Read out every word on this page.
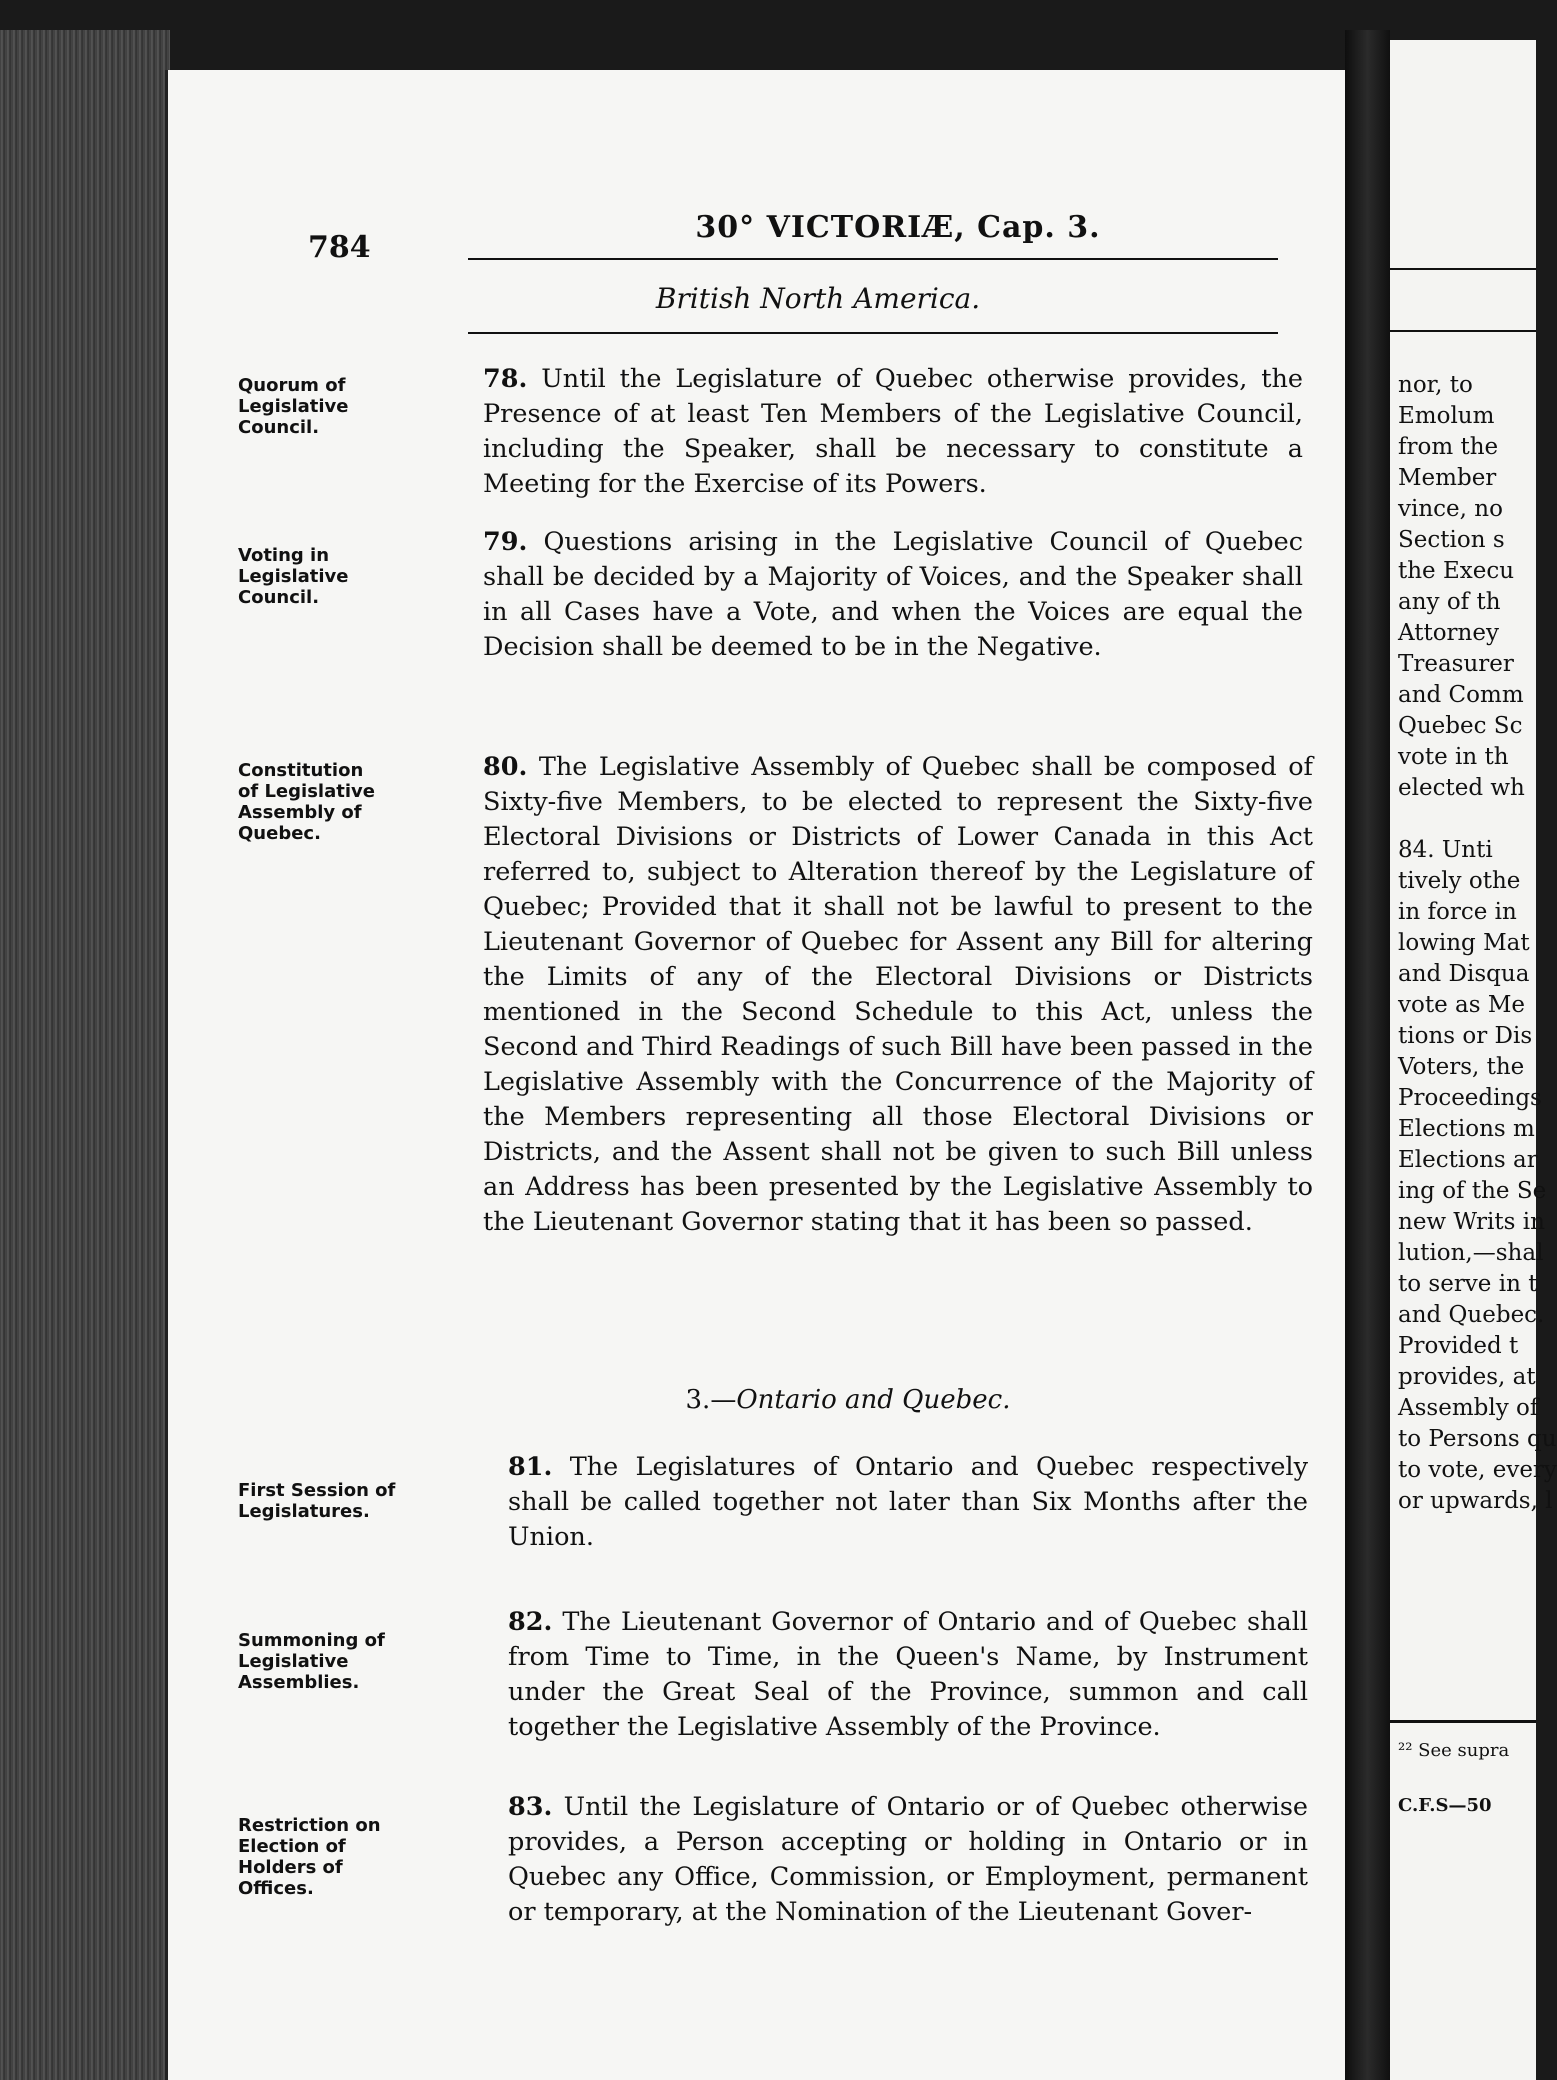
784
30° VICTORIÆ, Cap. 3.
British North America.
Quorum of Legislative Council.
78. Until the Legislature of Quebec otherwise provides, the Presence of at least Ten Members of the Legislative Council, including the Speaker, shall be necessary to constitute a Meeting for the Exercise of its Powers.
Voting in Legislative Council.
79. Questions arising in the Legislative Council of Quebec shall be decided by a Majority of Voices, and the Speaker shall in all Cases have a Vote, and when the Voices are equal the Decision shall be deemed to be in the Negative.
Constitution of Legislative Assembly of Quebec.
80. The Legislative Assembly of Quebec shall be composed of Sixty-five Members, to be elected to represent the Sixty-five Electoral Divisions or Districts of Lower Canada in this Act referred to, subject to Alteration thereof by the Legislature of Quebec; Provided that it shall not be lawful to present to the Lieutenant Governor of Quebec for Assent any Bill for altering the Limits of any of the Electoral Divisions or Districts mentioned in the Second Schedule to this Act, unless the Second and Third Readings of such Bill have been passed in the Legislative Assembly with the Concurrence of the Majority of the Members representing all those Electoral Divisions or Districts, and the Assent shall not be given to such Bill unless an Address has been presented by the Legislative Assembly to the Lieutenant Governor stating that it has been so passed.
3.—Ontario and Quebec.
First Session of Legislatures.
81. The Legislatures of Ontario and Quebec respectively shall be called together not later than Six Months after the Union.
Summoning of Legislative Assemblies.
82. The Lieutenant Governor of Ontario and of Quebec shall from Time to Time, in the Queen's Name, by Instrument under the Great Seal of the Province, summon and call together the Legislative Assembly of the Province.
Restriction on Election of Holders of Offices.
83. Until the Legislature of Ontario or of Quebec otherwise provides, a Person accepting or holding in Ontario or in Quebec any Office, Commission, or Employment, permanent or temporary, at the Nomination of the Lieutenant Gover-
nor, to
Emolum
from the
Member
vince, no
Section s
the Execu
any of th
Attorney
Treasurer
and Comm
Quebec Sc
vote in th
elected wh
84. Unti
tively othe
in force in
lowing Mat
and Disqua
vote as Me
tions or Dis
Voters, the
Proceedings
Elections m
Elections ar
ing of the Se
new Writs in
lution,—shal
to serve in t
and Quebec.
Provided t
provides, at
Assembly of
to Persons qu
to vote, every
or upwards, l
²² See supra
C.F.S—50
